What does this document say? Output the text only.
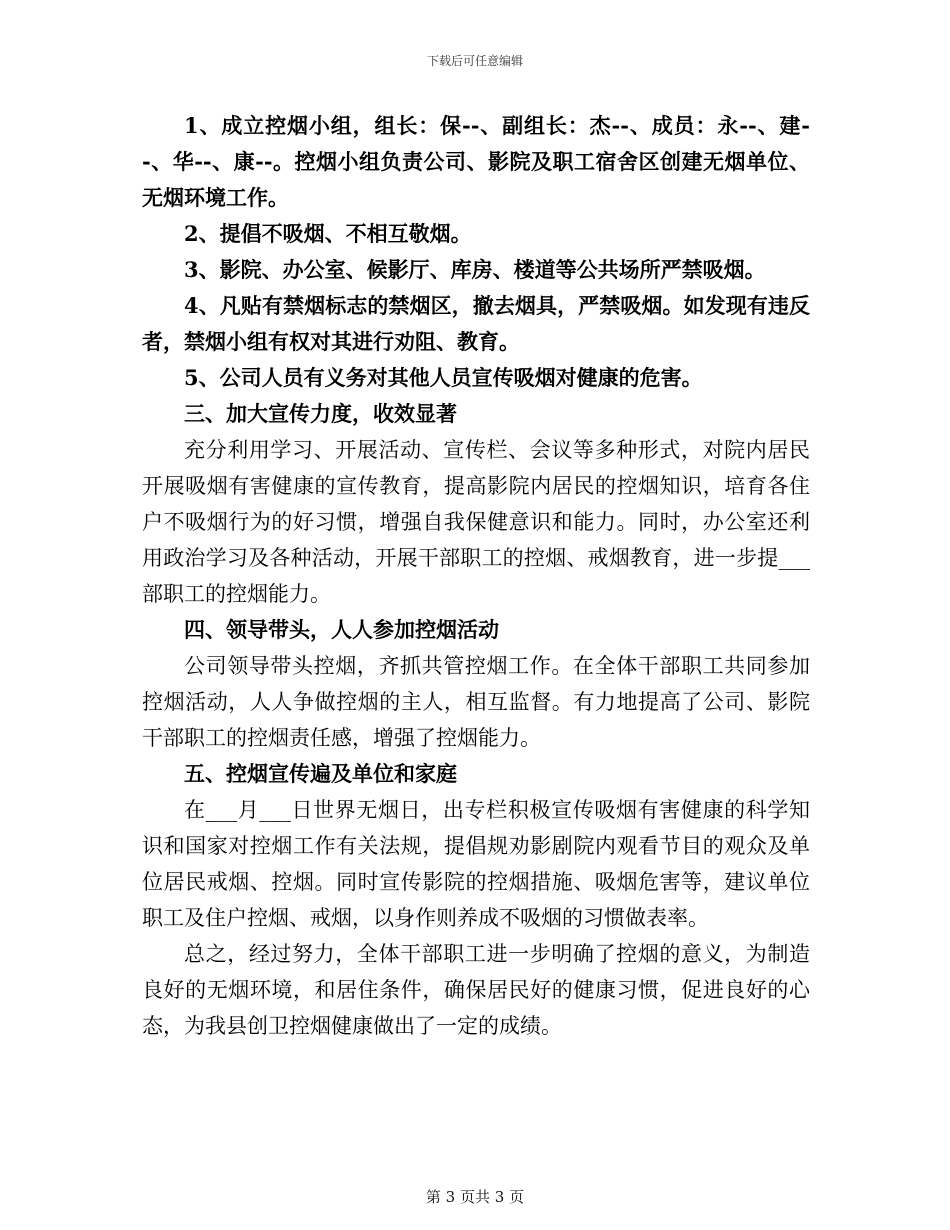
下载后可任意编辑

1、成立控烟小组，组长：保--、副组长：杰--、成员：永--、建--、华--、康--。控烟小组负责公司、影院及职工宿舍区创建无烟单位、无烟环境工作。

2、提倡不吸烟、不相互敬烟。

3、影院、办公室、候影厅、库房、楼道等公共场所严禁吸烟。

4、凡贴有禁烟标志的禁烟区，撤去烟具，严禁吸烟。如发现有违反者，禁烟小组有权对其进行劝阻、教育。

5、公司人员有义务对其他人员宣传吸烟对健康的危害。

三、加大宣传力度，收效显著

充分利用学习、开展活动、宣传栏、会议等多种形式，对院内居民开展吸烟有害健康的宣传教育，提高影院内居民的控烟知识，培育各住户不吸烟行为的好习惯，增强自我保健意识和能力。同时，办公室还利用政治学习及各种活动，开展干部职工的控烟、戒烟教育，进一步提___部职工的控烟能力。

四、领导带头，人人参加控烟活动

公司领导带头控烟，齐抓共管控烟工作。在全体干部职工共同参加控烟活动，人人争做控烟的主人，相互监督。有力地提高了公司、影院干部职工的控烟责任感，增强了控烟能力。

五、控烟宣传遍及单位和家庭

在___月___日世界无烟日，出专栏积极宣传吸烟有害健康的科学知识和国家对控烟工作有关法规，提倡规劝影剧院内观看节目的观众及单位居民戒烟、控烟。同时宣传影院的控烟措施、吸烟危害等，建议单位职工及住户控烟、戒烟，以身作则养成不吸烟的习惯做表率。

总之，经过努力，全体干部职工进一步明确了控烟的意义，为制造良好的无烟环境，和居住条件，确保居民好的健康习惯，促进良好的心态，为我县创卫控烟健康做出了一定的成绩。

第 3 页共 3 页
